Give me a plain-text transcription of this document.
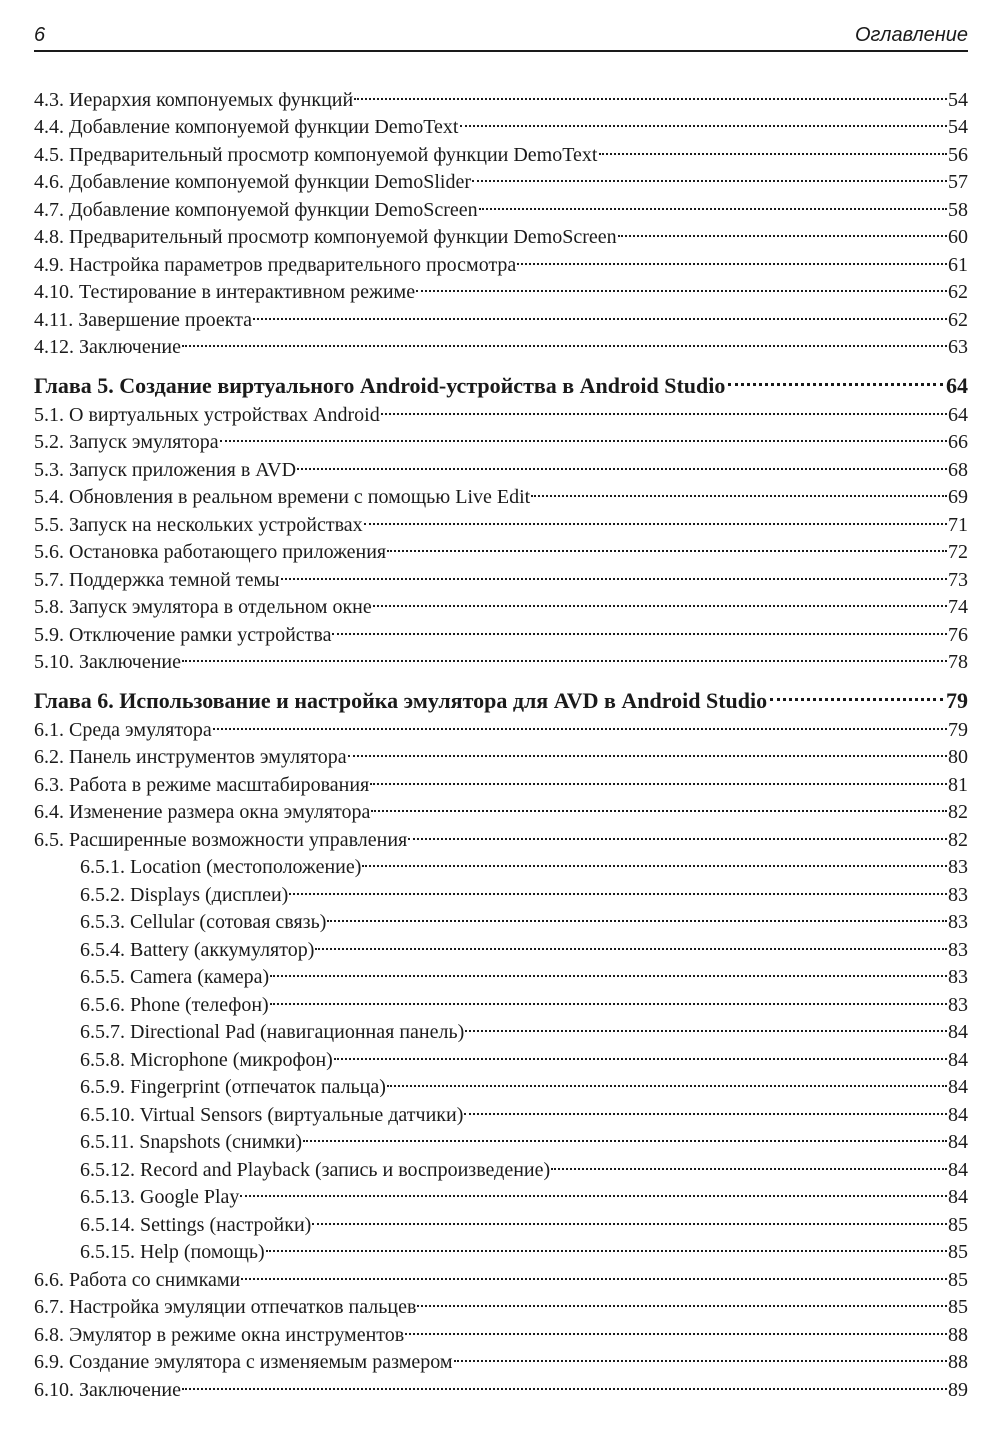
6	Оглавление
4.3. Иерархия компонуемых функций	54
4.4. Добавление компонуемой функции DemoText	54
4.5. Предварительный просмотр компонуемой функции DemoText	56
4.6. Добавление компонуемой функции DemoSlider	57
4.7. Добавление компонуемой функции DemoScreen	58
4.8. Предварительный просмотр компонуемой функции DemoScreen	60
4.9. Настройка параметров предварительного просмотра	61
4.10. Тестирование в интерактивном режиме	62
4.11. Завершение проекта	62
4.12. Заключение	63
Глава 5. Создание виртуального Android-устройства в Android Studio	64
5.1. О виртуальных устройствах Android	64
5.2. Запуск эмулятора	66
5.3. Запуск приложения в AVD	68
5.4. Обновления в реальном времени с помощью Live Edit	69
5.5. Запуск на нескольких устройствах	71
5.6. Остановка работающего приложения	72
5.7. Поддержка темной темы	73
5.8. Запуск эмулятора в отдельном окне	74
5.9. Отключение рамки устройства	76
5.10. Заключение	78
Глава 6. Использование и настройка эмулятора для AVD в Android Studio	79
6.1. Среда эмулятора	79
6.2. Панель инструментов эмулятора	80
6.3. Работа в режиме масштабирования	81
6.4. Изменение размера окна эмулятора	82
6.5. Расширенные возможности управления	82
6.5.1. Location (местоположение)	83
6.5.2. Displays (дисплеи)	83
6.5.3. Cellular (сотовая связь)	83
6.5.4. Battery (аккумулятор)	83
6.5.5. Camera (камера)	83
6.5.6. Phone (телефон)	83
6.5.7. Directional Pad (навигационная панель)	84
6.5.8. Microphone (микрофон)	84
6.5.9. Fingerprint (отпечаток пальца)	84
6.5.10. Virtual Sensors (виртуальные датчики)	84
6.5.11. Snapshots (снимки)	84
6.5.12. Record and Playback (запись и воспроизведение)	84
6.5.13. Google Play	84
6.5.14. Settings (настройки)	85
6.5.15. Help (помощь)	85
6.6. Работа со снимками	85
6.7. Настройка эмуляции отпечатков пальцев	85
6.8. Эмулятор в режиме окна инструментов	88
6.9. Создание эмулятора с изменяемым размером	88
6.10. Заключение	89
